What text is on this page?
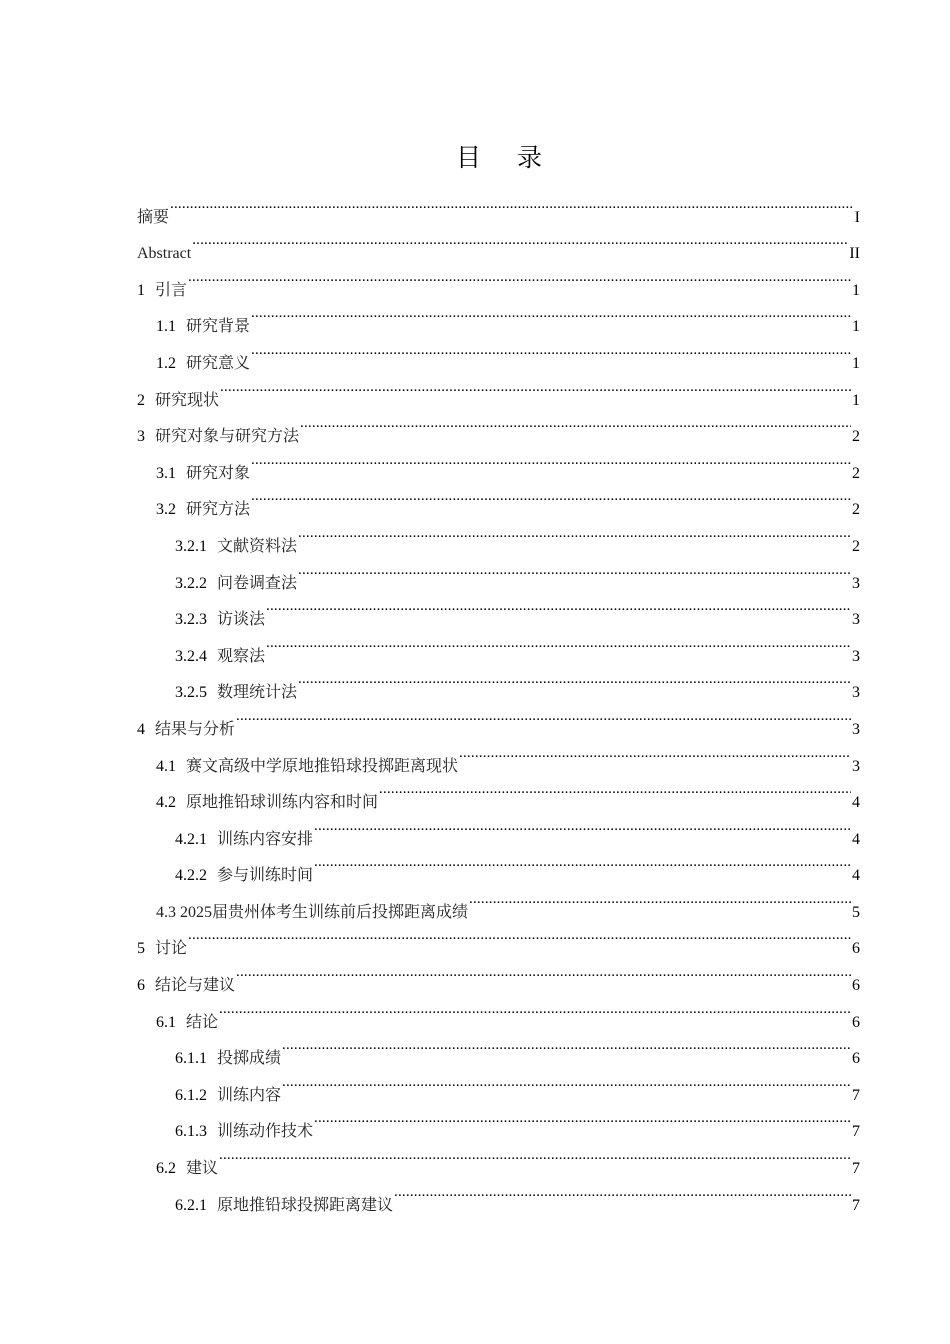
目 录
摘要 .....	I
Abstract .....	II
1 引言 .....	1
1.1 研究背景 .....	1
1.2 研究意义 .....	1
2 研究现状 .....	1
3 研究对象与研究方法 .....	2
3.1 研究对象 .....	2
3.2 研究方法 .....	2
3.2.1 文献资料法 .....	2
3.2.2 问卷调查法 .....	3
3.2.3 访谈法 .....	3
3.2.4 观察法 .....	3
3.2.5 数理统计法 .....	3
4 结果与分析 .....	3
4.1 赛文高级中学原地推铅球投掷距离现状 .....	3
4.2 原地推铅球训练内容和时间 .....	4
4.2.1 训练内容安排 .....	4
4.2.2 参与训练时间 .....	4
4.3 2025届贵州体考生训练前后投掷距离成绩 .....	5
5 讨论 .....	6
6 结论与建议 .....	6
6.1 结论 .....	6
6.1.1 投掷成绩 .....	6
6.1.2 训练内容 .....	7
6.1.3 训练动作技术 .....	7
6.2 建议 .....	7
6.2.1 原地推铅球投掷距离建议 .....	7
